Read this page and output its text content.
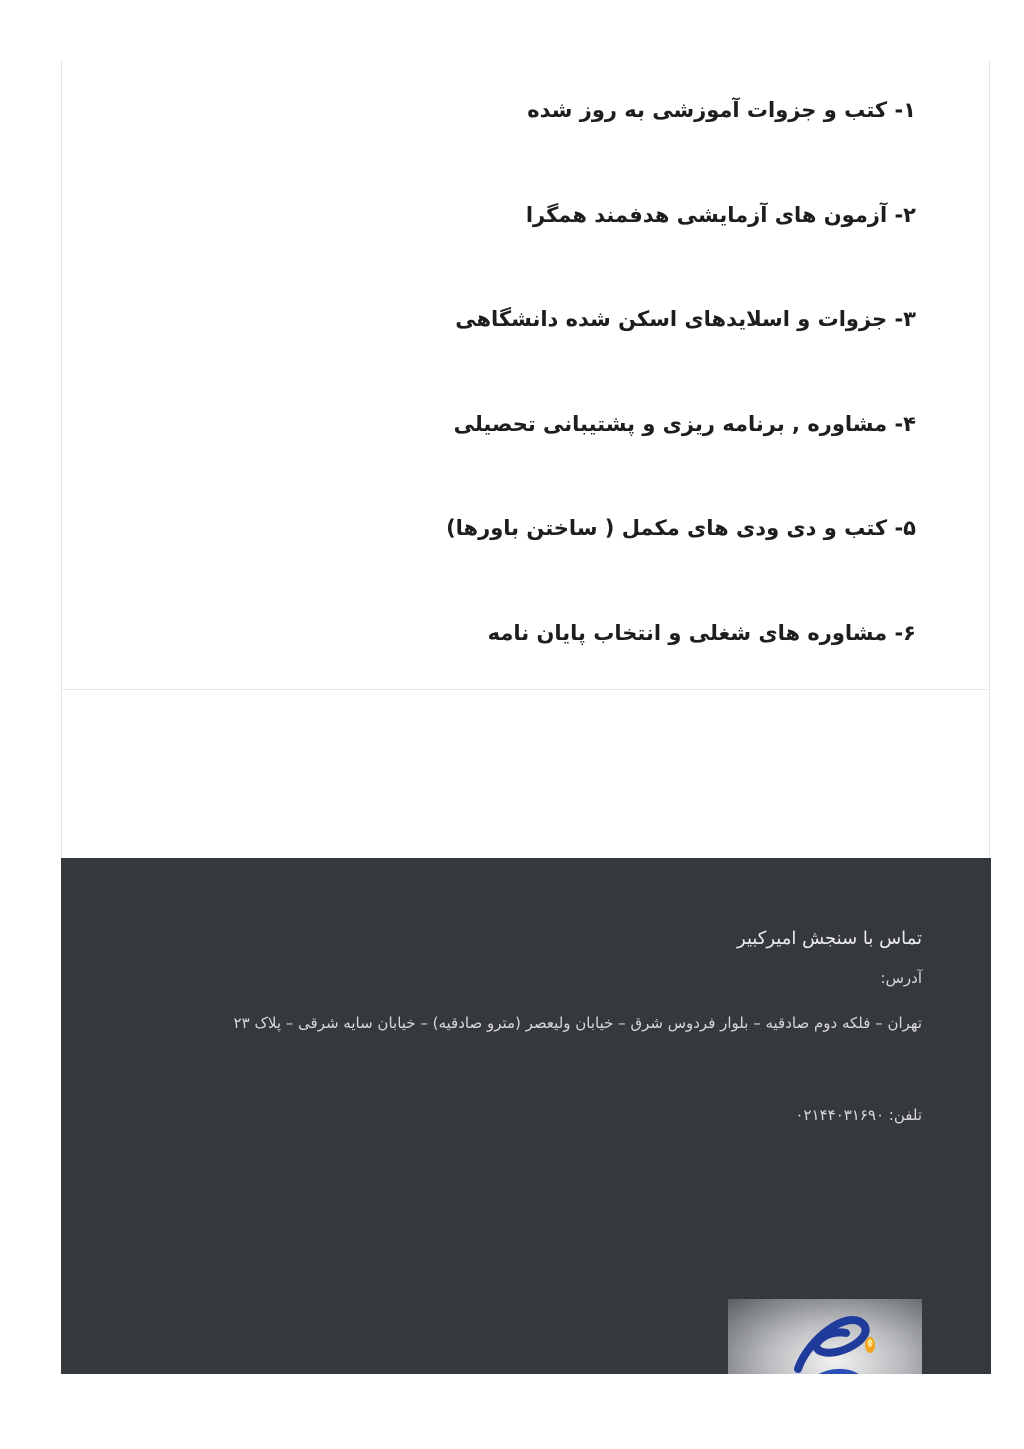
۱- کتب و جزوات آموزشی به روز شده
۲- آزمون های آزمایشی هدفمند همگرا
۳- جزوات و اسلایدهای اسکن شده دانشگاهی
۴- مشاوره , برنامه ریزی و پشتیبانی تحصیلی
۵- کتب و دی ودی های مکمل ( ساختن باورها)
۶- مشاوره های شغلی و انتخاب پایان نامه
تماس با سنجش امیرکبیر
آدرس:

تهران – فلکه دوم صادقیه – بلوار فردوس شرق – خیابان ولیعصر (مترو صادقیه) – خیابان سایه شرقی – پلاک ۲۳

تلفن: ۰۲۱۴۴۰۳۱۶۹۰
